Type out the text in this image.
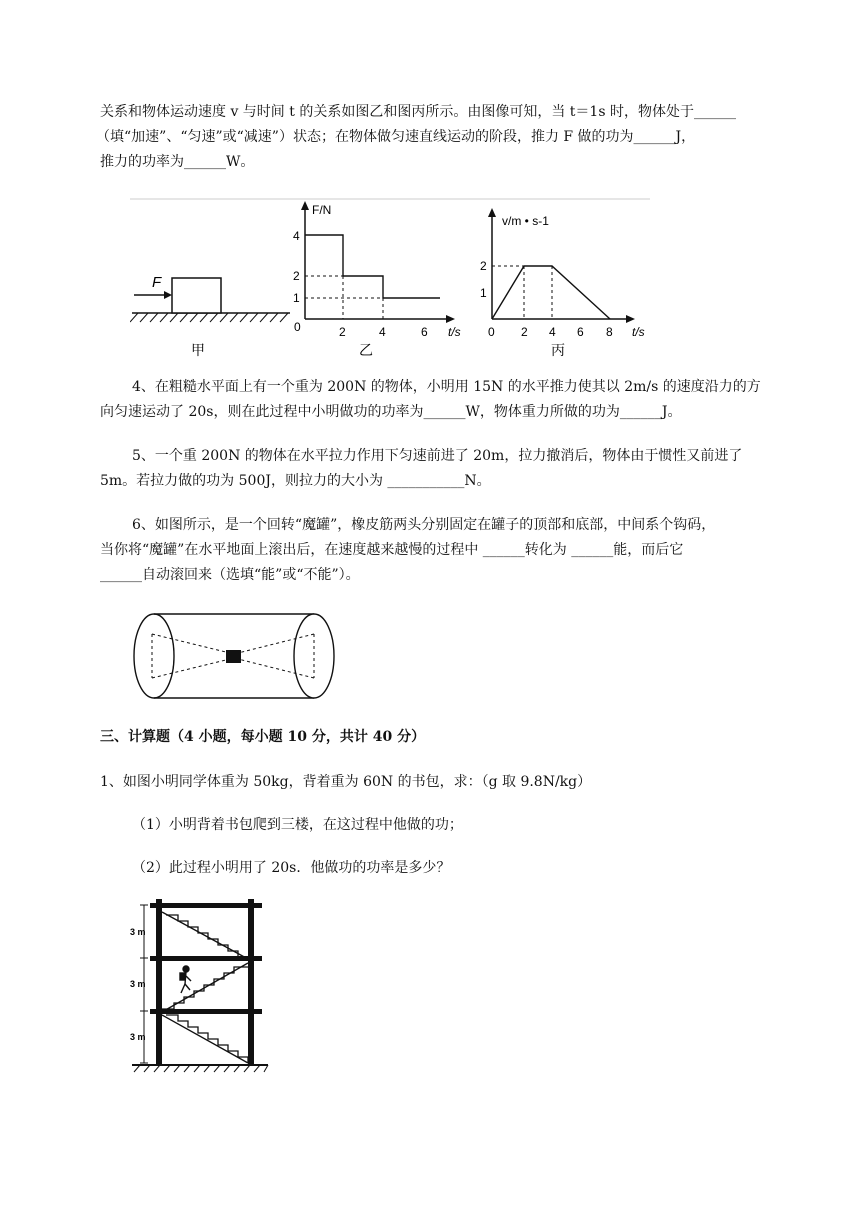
关系和物体运动速度 v 与时间 t 的关系如图乙和图丙所示。由图像可知，当 t＝1s 时，物体处于______
（填“加速”、“匀速”或“减速”）状态；在物体做匀速直线运动的阶段，推力 F 做的功为______J，
推力的功率为______W。
F
甲
F/N
t/s
4
2
1
0	2	4	6
乙
v/m • s-1
t/s
2
1
0 2 4 6 8
丙
4、在粗糙水平面上有一个重为 200N 的物体，小明用 15N 的水平推力使其以 2m/s 的速度沿力的方
向匀速运动了 20s，则在此过程中小明做功的功率为______W，物体重力所做的功为______J。
5、一个重 200N 的物体在水平拉力作用下匀速前进了 20m，拉力撤消后，物体由于惯性又前进了
5m。若拉力做的功为 500J，则拉力的大小为 ___________N。
6、如图所示，是一个回转“魔罐”，橡皮筋两头分别固定在罐子的顶部和底部，中间系个钩码，
当你将“魔罐”在水平地面上滚出后，在速度越来越慢的过程中 ______转化为 ______能，而后它
______自动滚回来（选填“能”或“不能”）。
三、计算题（4 小题，每小题 10 分，共计 40 分）
1、如图小明同学体重为 50kg，背着重为 60N 的书包，求：（g 取 9.8N/kg）
（1）小明背着书包爬到三楼，在这过程中他做的功；
（2）此过程小明用了 20s．他做功的功率是多少？
3 m
3 m
3 m
